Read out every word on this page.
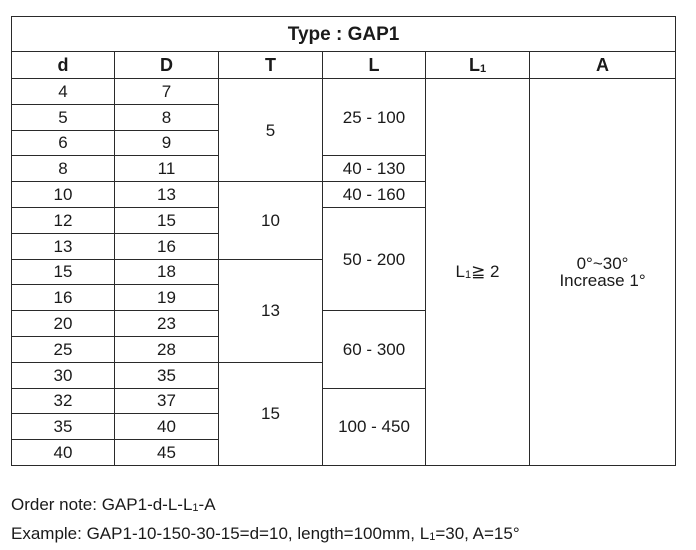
Type : GAP1					
d	D	T	L	L1	A
4	7	5	25 - 100	L1≧ 2	0°~30°
Increase 1°

5	8				
6	9				
8	11		40 - 130		
10	13	10	40 - 160		
12	15		50 - 200		
13	16				
15	18	13			
16	19				
20	23		60 - 300		
25	28				
30	35	15			
32	37		100 - 450		
35	40				
40	45				
Order note: GAP1-d-L-L1-A
Example: GAP1-10-150-30-15=d=10, length=100mm, L1=30, A=15°
